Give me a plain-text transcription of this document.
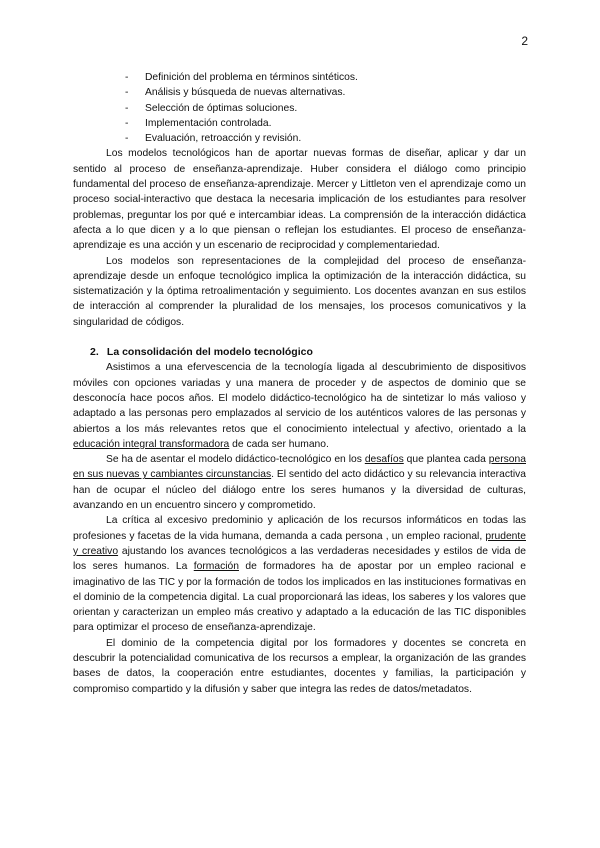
2
- Definición del problema en términos sintéticos.
- Análisis y búsqueda de nuevas alternativas.
- Selección de óptimas soluciones.
- Implementación controlada.
- Evaluación, retroacción y revisión.

Los modelos tecnológicos han de aportar nuevas formas de diseñar, aplicar y dar un sentido al proceso de enseñanza-aprendizaje. Huber considera el diálogo como principio fundamental del proceso de enseñanza-aprendizaje. Mercer y Littleton ven el aprendizaje como un proceso social-interactivo que destaca la necesaria implicación de los estudiantes para resolver problemas, preguntar los por qué e intercambiar ideas. La comprensión de la interacción didáctica afecta a lo que dicen y a lo que piensan o reflejan los estudiantes. El proceso de enseñanza-aprendizaje es una acción y un escenario de reciprocidad y complementariedad.

Los modelos son representaciones de la complejidad del proceso de enseñanza-aprendizaje desde un enfoque tecnológico implica la optimización de la interacción didáctica, su sistematización y la óptima retroalimentación y seguimiento. Los docentes avanzan en sus estilos de interacción al comprender la pluralidad de los mensajes, los procesos comunicativos y la singularidad de códigos.

2. La consolidación del modelo tecnológico

Asistimos a una efervescencia de la tecnología ligada al descubrimiento de dispositivos móviles con opciones variadas y una manera de proceder y de aspectos de dominio que se desconocía hace pocos años. El modelo didáctico-tecnológico ha de sintetizar lo más valioso y adaptado a las personas pero emplazados al servicio de los auténticos valores de las personas y abiertos a los más relevantes retos que el conocimiento intelectual y afectivo, orientado a la educación integral transformadora de cada ser humano.

Se ha de asentar el modelo didáctico-tecnológico en los desafíos que plantea cada persona en sus nuevas y cambiantes circunstancias. El sentido del acto didáctico y su relevancia interactiva han de ocupar el núcleo del diálogo entre los seres humanos y la diversidad de culturas, avanzando en un encuentro sincero y comprometido.

La crítica al excesivo predominio y aplicación de los recursos informáticos en todas las profesiones y facetas de la vida humana, demanda a cada persona , un empleo racional, prudente y creativo ajustando los avances tecnológicos a las verdaderas necesidades y estilos de vida de los seres humanos. La formación de formadores ha de apostar por un empleo racional e imaginativo de las TIC y por la formación de todos los implicados en las instituciones formativas en el dominio de la competencia digital. La cual proporcionará las ideas, los saberes y los valores que orientan y caracterizan un empleo más creativo y adaptado a la educación de las TIC disponibles para optimizar el proceso de enseñanza-aprendizaje.

El dominio de la competencia digital por los formadores y docentes se concreta en descubrir la potencialidad comunicativa de los recursos a emplear, la organización de las grandes bases de datos, la cooperación entre estudiantes, docentes y familias, la participación y compromiso compartido y la difusión y saber que integra las redes de datos/metadatos.
